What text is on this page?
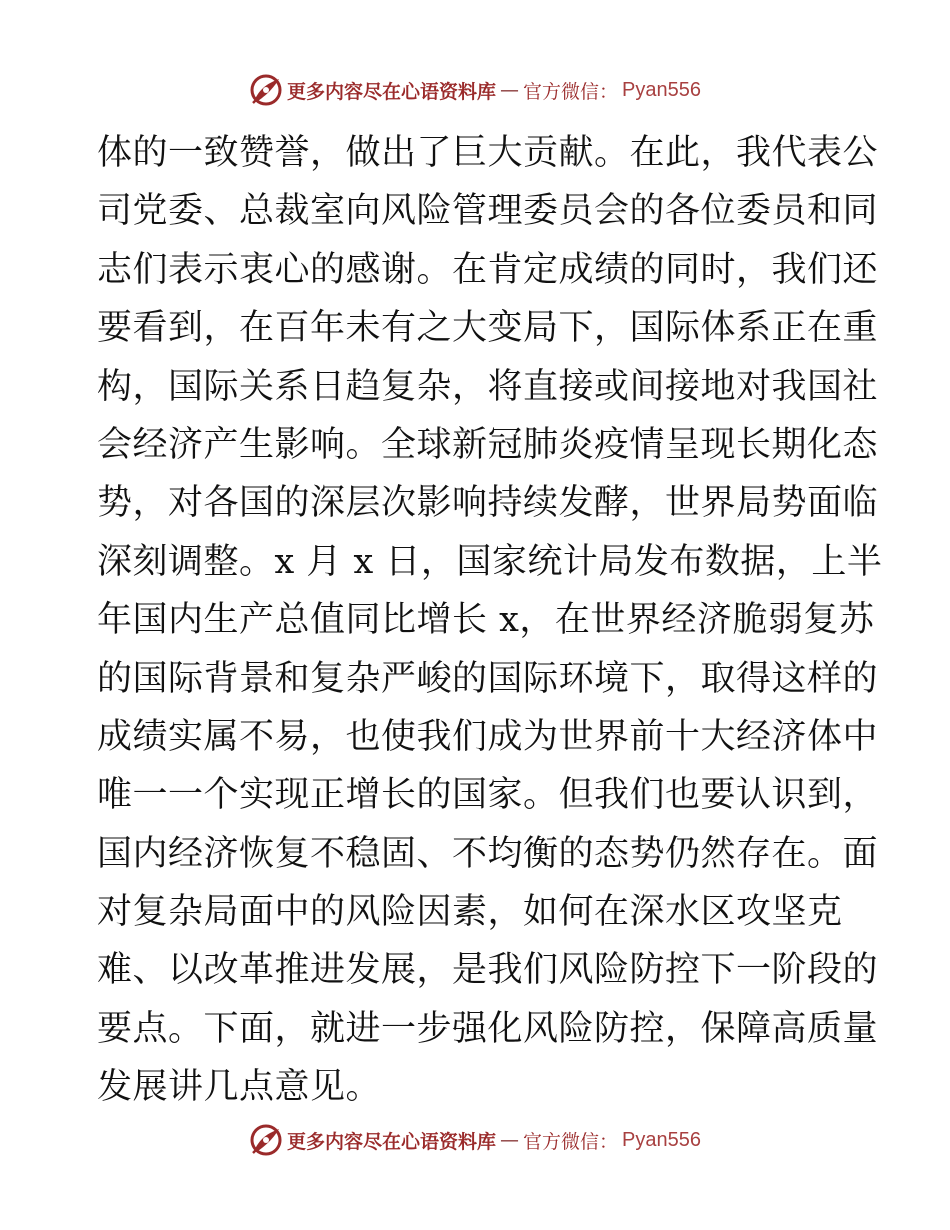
更多内容尽在心语资料库 — 官方微信： Pyan556
体的一致赞誉，做出了巨大贡献。在此，我代表公
司党委、总裁室向风险管理委员会的各位委员和同
志们表示衷心的感谢。在肯定成绩的同时，我们还
要看到，在百年未有之大变局下，国际体系正在重
构，国际关系日趋复杂，将直接或间接地对我国社
会经济产生影响。全球新冠肺炎疫情呈现长期化态
势，对各国的深层次影响持续发酵，世界局势面临
深刻调整。x 月 x 日，国家统计局发布数据，上半
年国内生产总值同比增长 x，在世界经济脆弱复苏
的国际背景和复杂严峻的国际环境下，取得这样的
成绩实属不易，也使我们成为世界前十大经济体中
唯一一个实现正增长的国家。但我们也要认识到，
国内经济恢复不稳固、不均衡的态势仍然存在。面
对复杂局面中的风险因素，如何在深水区攻坚克
难、以改革推进发展，是我们风险防控下一阶段的
要点。下面，就进一步强化风险防控，保障高质量
发展讲几点意见。
更多内容尽在心语资料库 — 官方微信： Pyan556
